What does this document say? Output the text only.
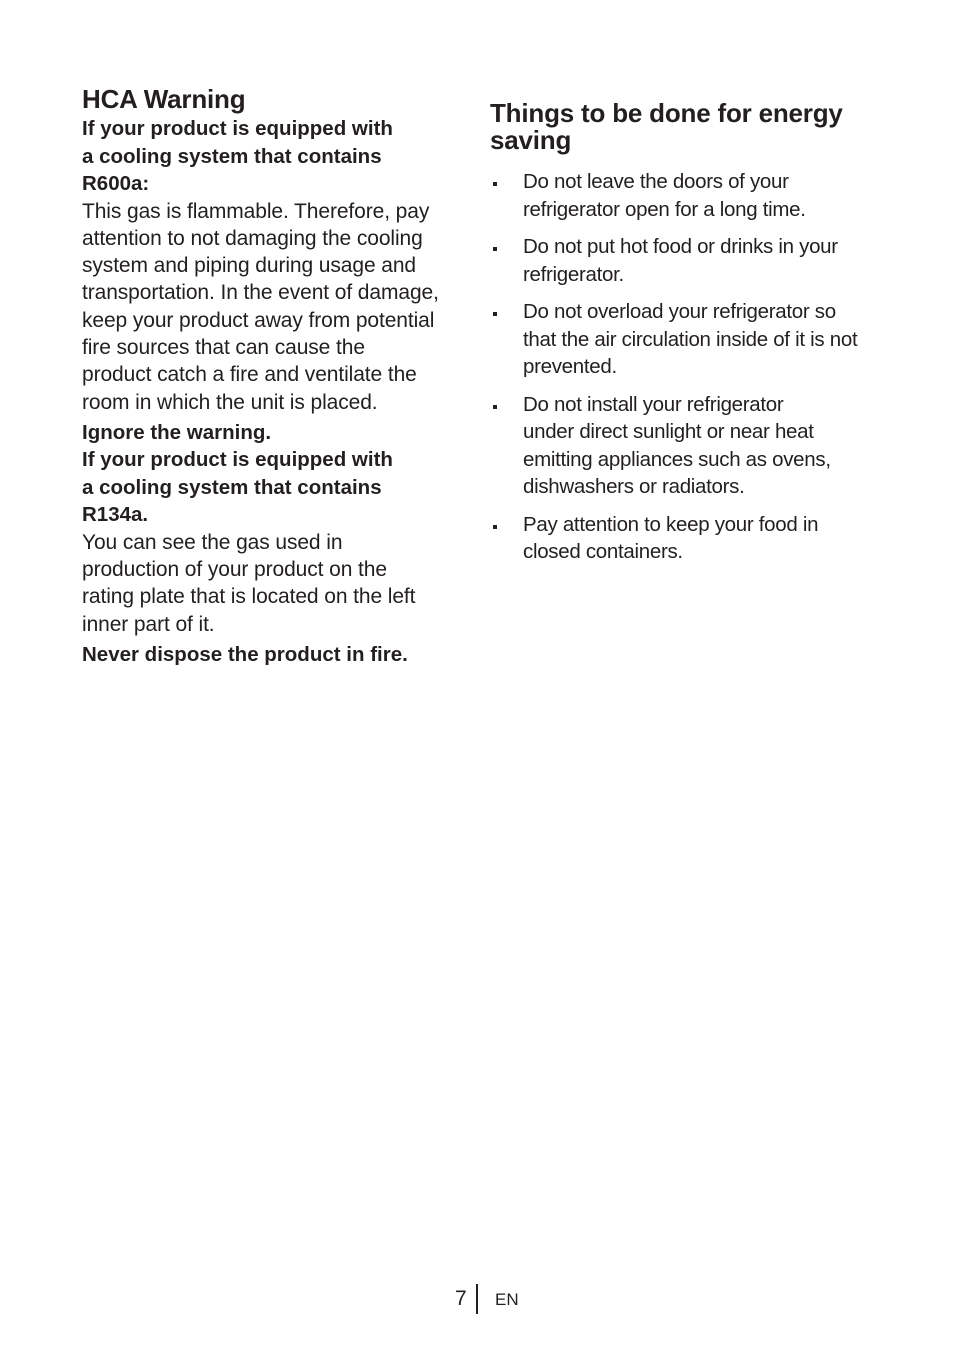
HCA Warning

If your product is equipped with
a cooling system that contains
R600a:

This gas is flammable. Therefore, pay
attention to not damaging the cooling
system and piping during usage and
transportation. In the event of damage,
keep your product away from potential
fire sources that can cause the
product catch a fire and ventilate the
room in which the unit is placed.

Ignore the warning.
If your product is equipped with
a cooling system that contains
R134a.

You can see the gas used in
production of your product on the
rating plate that is located on the left
inner part of it.

Never dispose the product in fire.

Things to be done for energy
saving
Do not leave the doors of your
refrigerator open for a long time.
Do not put hot food or drinks in your
refrigerator.
Do not overload your refrigerator so
that the air circulation inside of it is not
prevented.
Do not install your refrigerator
under direct sunlight or near heat
emitting appliances such as ovens,
dishwashers or radiators.
Pay attention to keep your food in
closed containers.
7 EN
